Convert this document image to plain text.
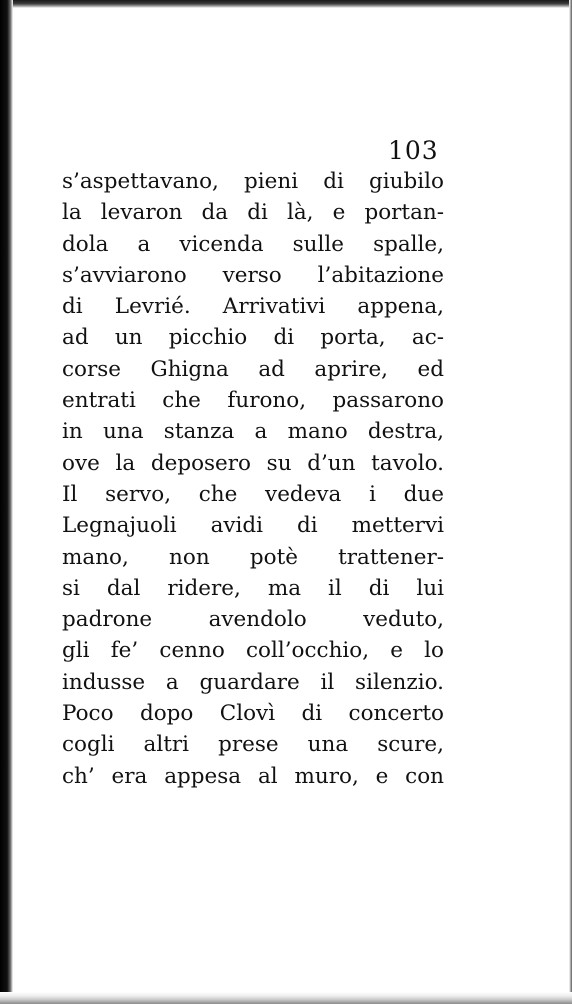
103

s’aspettavano, pieni di giubilo
la levaron da di là, e portan-
dola a vicenda sulle spalle,
s’avviarono verso l’abitazione
di Levrié. Arrivativi appena,
ad un picchio di porta, ac-
corse Ghigna ad aprire, ed
entrati che furono, passarono
in una stanza a mano destra,
ove la deposero su d’un tavolo.
Il servo, che vedeva i due
Legnajuoli avidi di mettervi
mano, non potè trattener-
si dal ridere, ma il di lui
padrone avendolo veduto,
gli fe’ cenno coll’occhio, e lo
indusse a guardare il silenzio.
Poco dopo Clovì di concerto
cogli altri prese una scure,
ch’ era appesa al muro, e con
